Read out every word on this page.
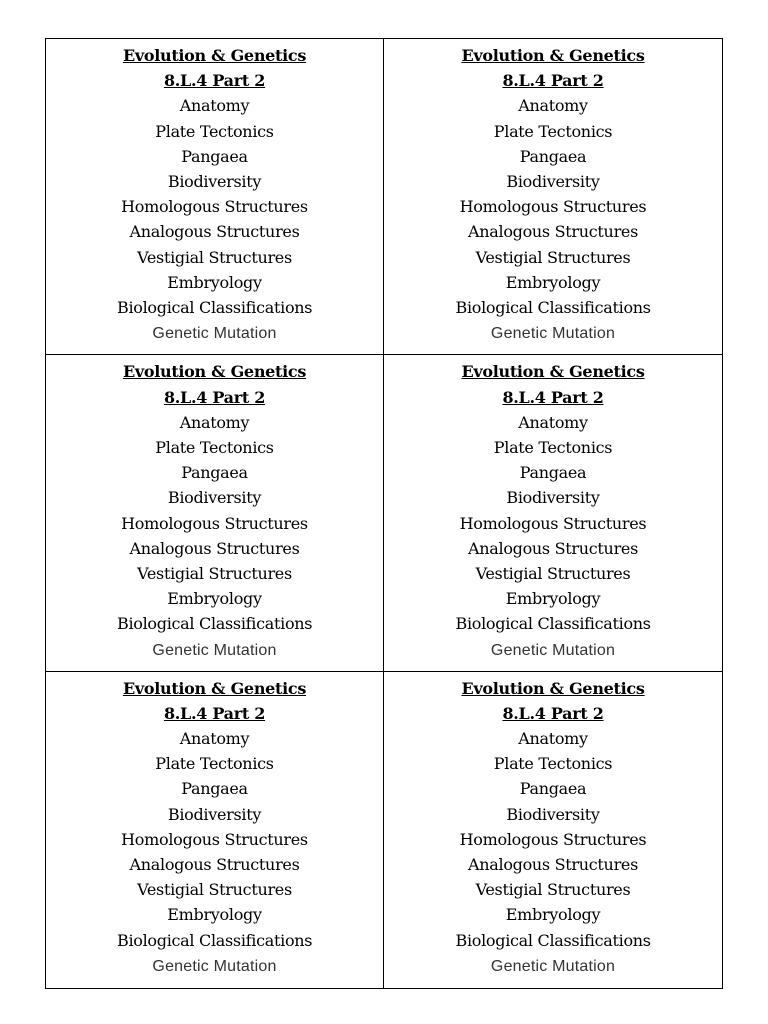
Evolution & Genetics
8.L.4 Part 2
Anatomy
Plate Tectonics
Pangaea
Biodiversity
Homologous Structures
Analogous Structures
Vestigial Structures
Embryology
Biological Classifications
Genetic Mutation
Evolution & Genetics
8.L.4 Part 2
Anatomy
Plate Tectonics
Pangaea
Biodiversity
Homologous Structures
Analogous Structures
Vestigial Structures
Embryology
Biological Classifications
Genetic Mutation
Evolution & Genetics
8.L.4 Part 2
Anatomy
Plate Tectonics
Pangaea
Biodiversity
Homologous Structures
Analogous Structures
Vestigial Structures
Embryology
Biological Classifications
Genetic Mutation
Evolution & Genetics
8.L.4 Part 2
Anatomy
Plate Tectonics
Pangaea
Biodiversity
Homologous Structures
Analogous Structures
Vestigial Structures
Embryology
Biological Classifications
Genetic Mutation
Evolution & Genetics
8.L.4 Part 2
Anatomy
Plate Tectonics
Pangaea
Biodiversity
Homologous Structures
Analogous Structures
Vestigial Structures
Embryology
Biological Classifications
Genetic Mutation
Evolution & Genetics
8.L.4 Part 2
Anatomy
Plate Tectonics
Pangaea
Biodiversity
Homologous Structures
Analogous Structures
Vestigial Structures
Embryology
Biological Classifications
Genetic Mutation
